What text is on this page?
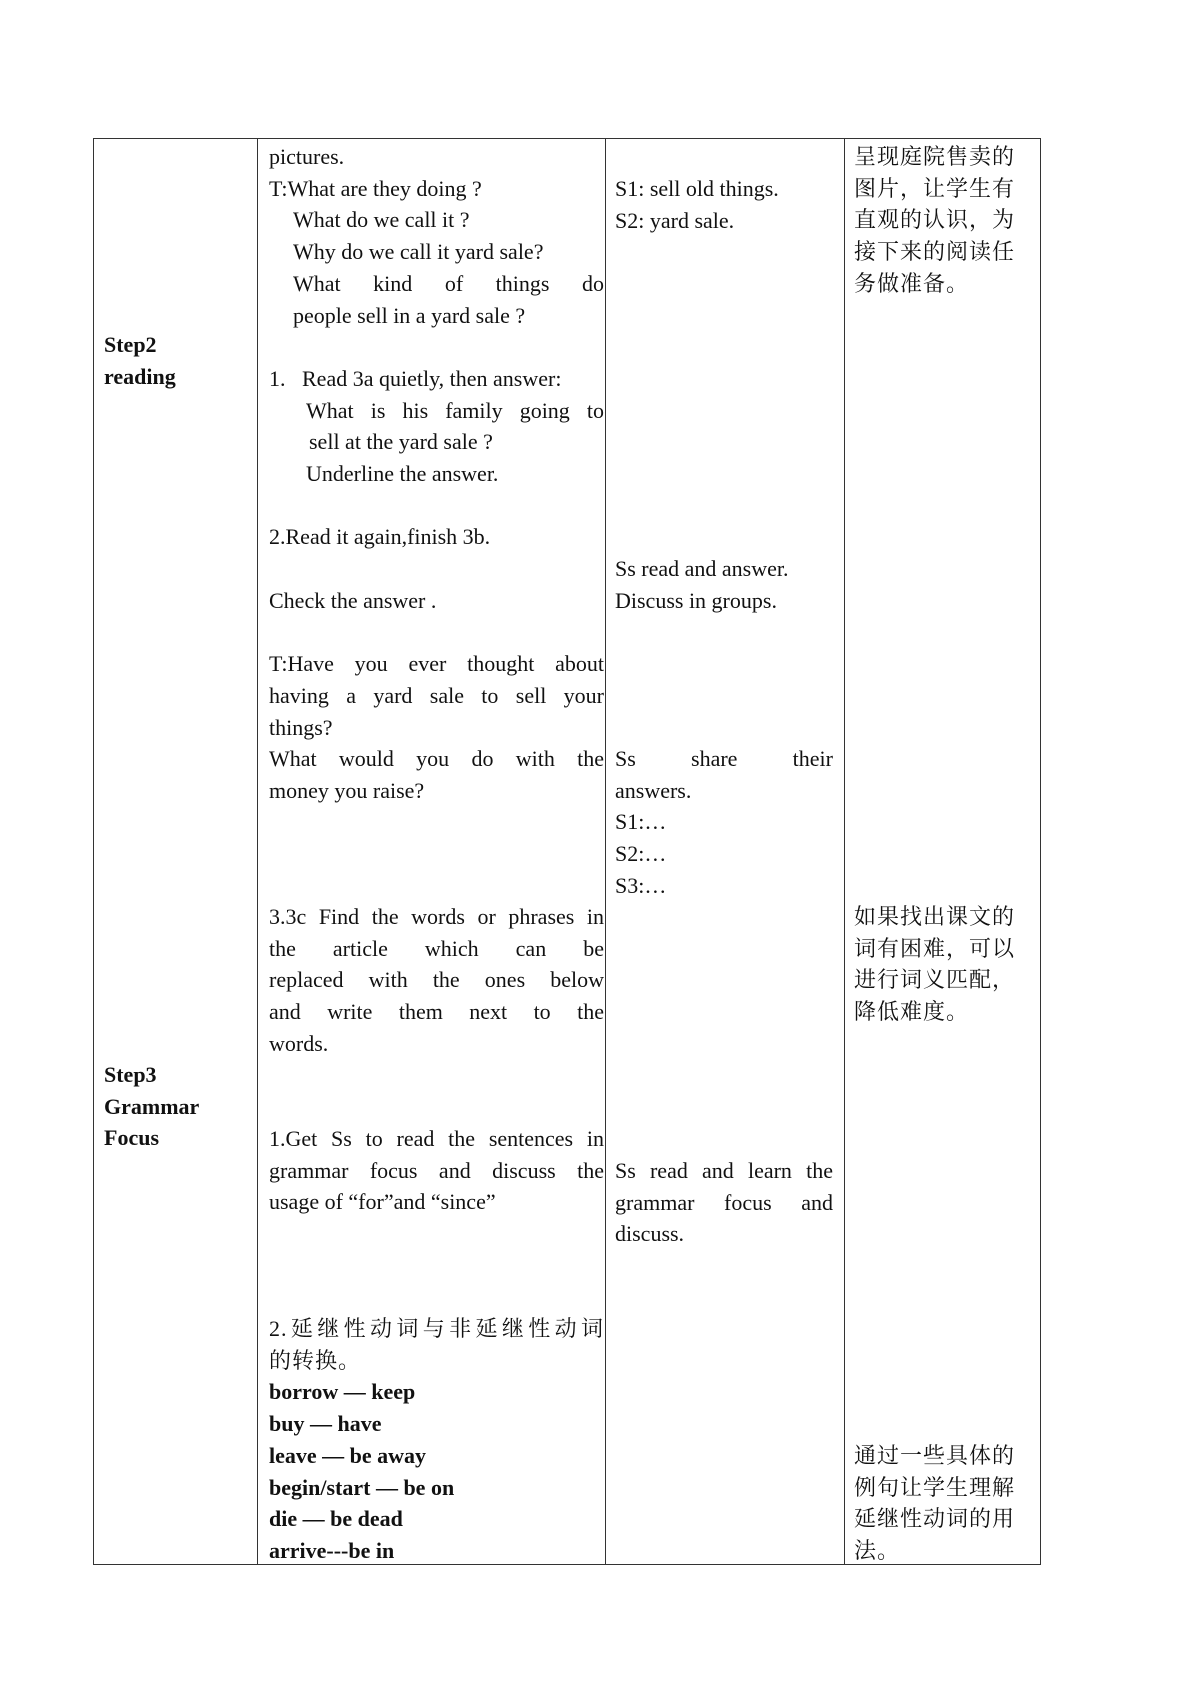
Step2
reading
Step3
Grammar
Focus
pictures.
T:What are they doing ?
What do we call it ?
Why do we call it yard sale?
What kind of things do
people sell in a yard sale ?
1. Read 3a quietly, then answer:
What is his family going to
sell at the yard sale ?
Underline the answer.
2.Read it again,finish 3b.
Check the answer .
T:Have you ever thought about
having a yard sale to sell your
things?
What would you do with the
money you raise?
3.3c Find the words or phrases in
the article which can be
replaced with the ones below
and write them next to the
words.
1.Get Ss to read the sentences in
grammar focus and discuss the
usage of “for”and “since”
2.延继性动词与非延继性动词
的转换。
borrow — keep
buy — have
leave — be away
begin/start — be on
die — be dead
arrive---be in
S1: sell old things.
S2: yard sale.
Ss read and answer.
Discuss in groups.
Ss share their
answers.
S1:…
S2:…
S3:…
Ss read and learn the
grammar focus and
discuss.
呈现庭院售卖的
图片，让学生有
直观的认识，为
接下来的阅读任
务做准备。
如果找出课文的
词有困难，可以
进行词义匹配，
降低难度。
通过一些具体的
例句让学生理解
延继性动词的用
法。
